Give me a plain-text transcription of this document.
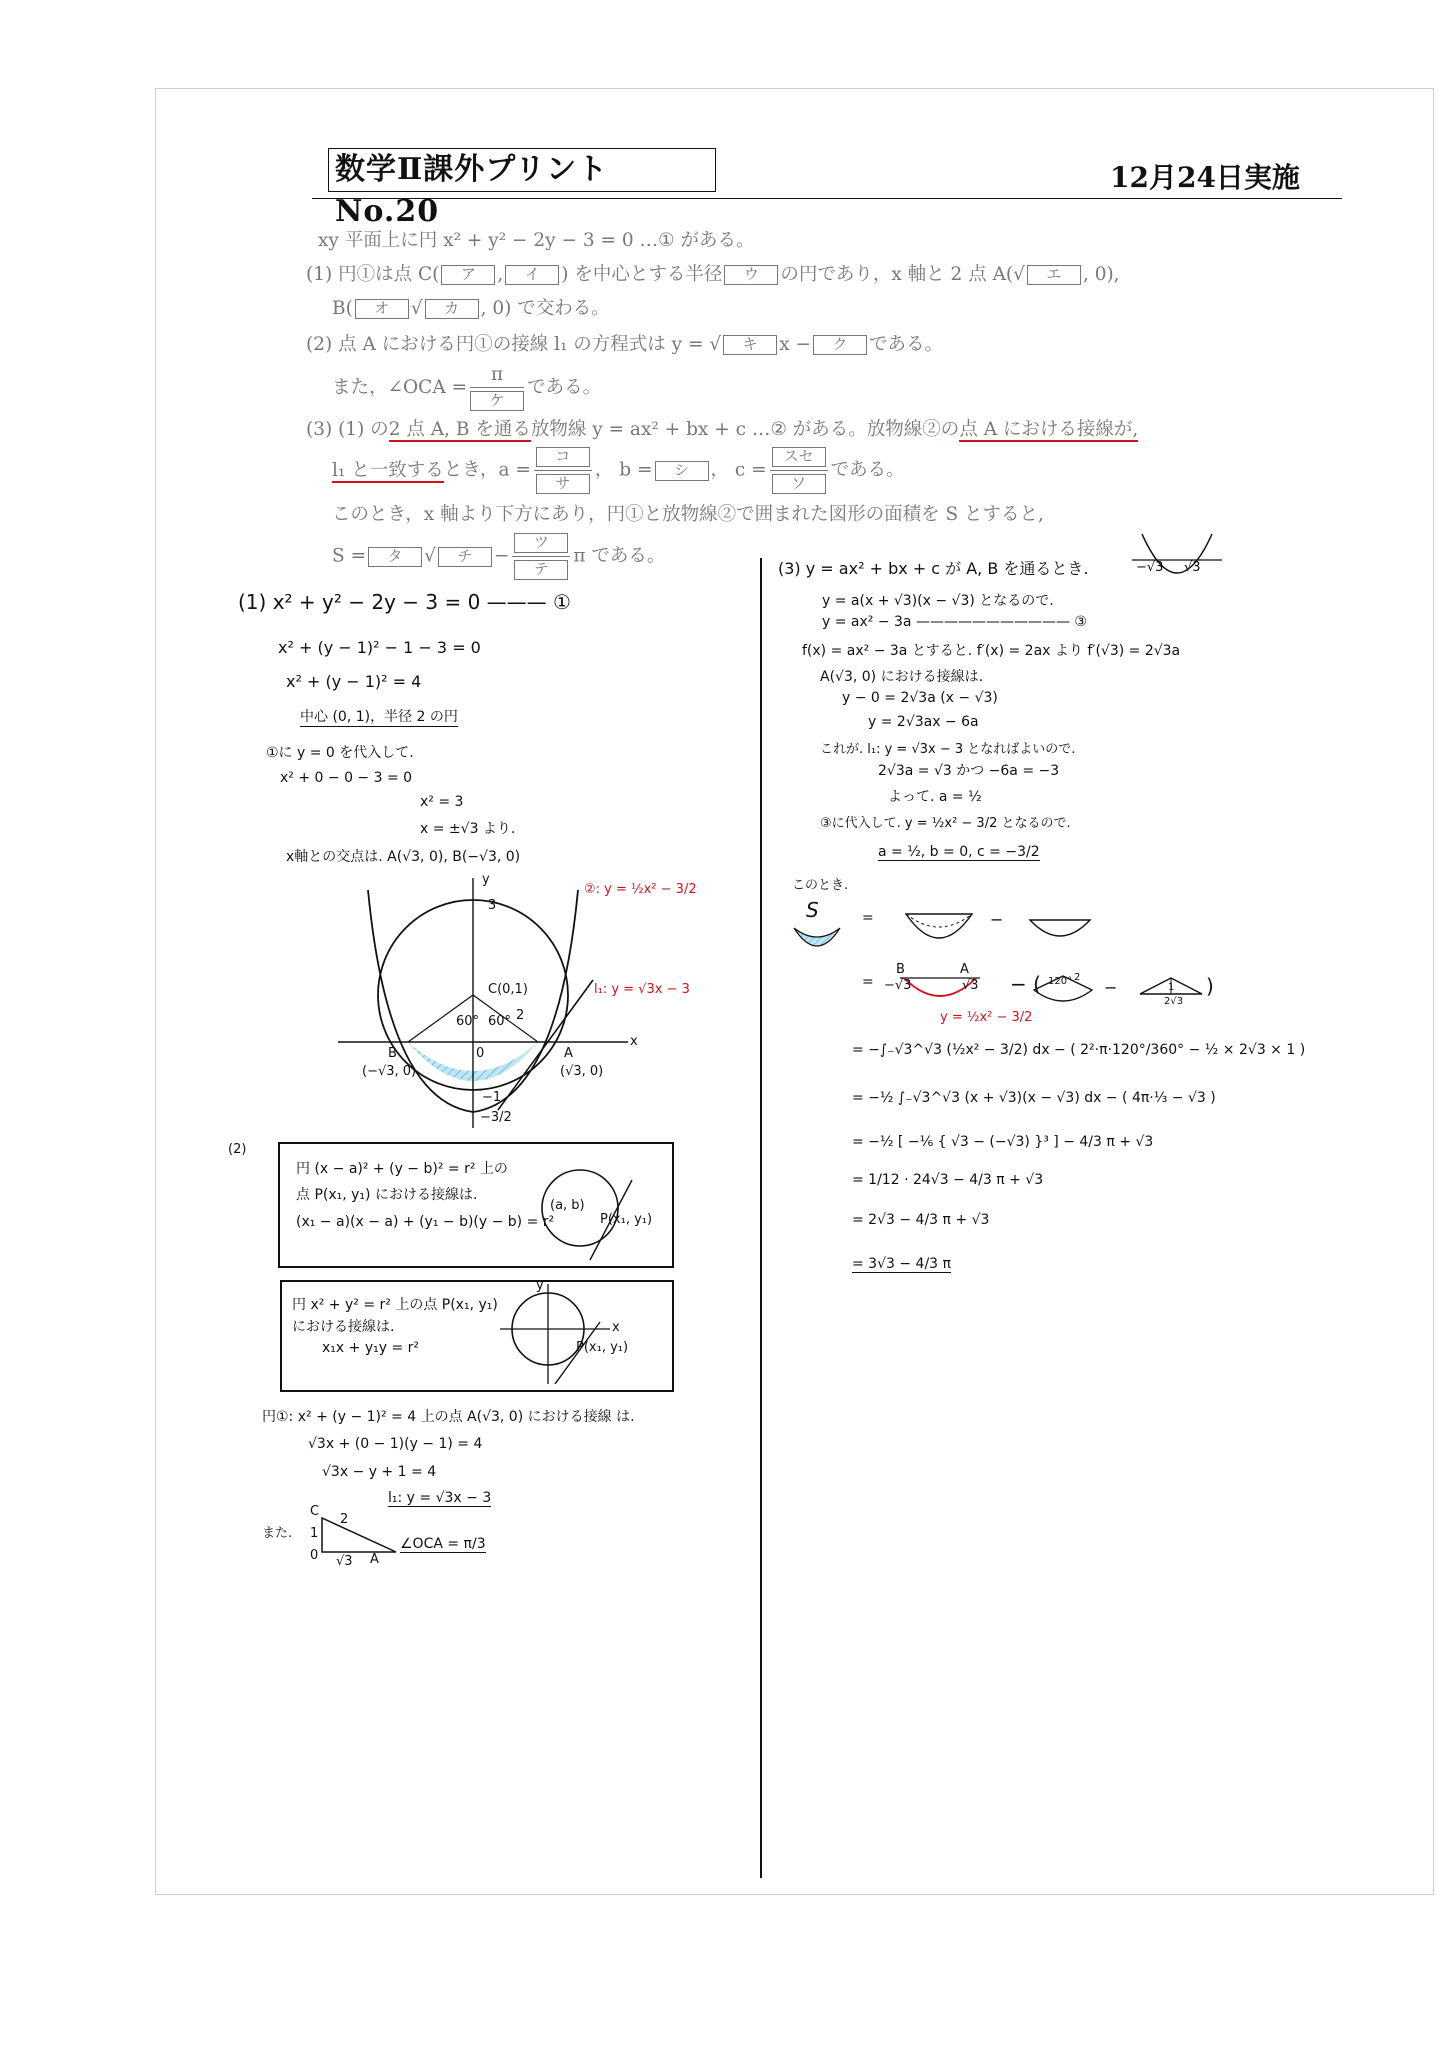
数学Ⅱ課外プリント No.20
12月24日実施
xy 平面上に円 x² + y² − 2y − 3 = 0 …① がある。
(1) 円①は点 C( ア , イ ) を中心とする半径 ウ の円であり，x 軸と 2 点 A(√ エ , 0),
B( オ √ カ , 0) で交わる。
(2) 点 A における円①の接線 l₁ の方程式は y = √ キ x − ク である。
また，∠OCA = $\frac{\pi}{\text{ケ}}$ である。
(3) (1) の2 点 A, B を通る放物線 y = ax² + bx + c …② がある。放物線②の点 A における接線が,
l₁ と一致するとき，$a = \frac{\text{コ}}{\text{サ}}$ ， b = シ ， $c = \frac{\text{スセ}}{\text{ソ}}$ である。
このとき，x 軸より下方にあり，円①と放物線②で囲まれた図形の面積を S とすると,
S = タ √ チ − $\frac{\text{ツ}}{\text{テ}}$ π である。
(1) x² + y² − 2y − 3 = 0 ——— ①
x² + (y − 1)² − 1 − 3 = 0
x² + (y − 1)² = 4
中心 (0, 1)，半径 2 の円
①に y = 0 を代入して.
x² + 0 − 0 − 3 = 0
x² = 3
x = ±√3 より.
x軸との交点は. A(√3, 0), B(−√3, 0)
y
x
3
C(0,1)
2
60° 60°
0
B
(−√3, 0)
A
(√3, 0)
−1
−3/2
②: y = ½x² − 3/2
l₁: y = √3x − 3
(2)
円 (x − a)² + (y − b)² = r² 上の
点 P(x₁, y₁) における接線は.
(x₁ − a)(x − a) + (y₁ − b)(y − b) = r²
(a, b)
P(x₁, y₁)
円 x² + y² = r² 上の点 P(x₁, y₁)
における接線は.
x₁x + y₁y = r²
x
y
P(x₁, y₁)
円①: x² + (y − 1)² = 4 上の点 A(√3, 0) における接線 は.
√3x + (0 − 1)(y − 1) = 4
√3x − y + 1 = 4
l₁: y = √3x − 3
また.
C
1
2
0 √3 A
∠OCA = π/3
(3) y = ax² + bx + c が A, B を通るとき.	−√3 √3
y = a(x + √3)(x − √3) となるので.
y = ax² − 3a ——————————— ③
f(x) = ax² − 3a とすると. f′(x) = 2ax より f′(√3) = 2√3a
A(√3, 0) における接線は.
y − 0 = 2√3a (x − √3)
y = 2√3ax − 6a
これが. l₁: y = √3x − 3 となればよいので.
2√3a = √3 かつ −6a = −3
よって. a = ½
③に代入して. y = ½x² − 3/2 となるので.
a = ½, b = 0, c = −3/2
このとき.
S	=	−
=
B
−√3
A
√3
y = ½x² − 3/2
− ( 120° 2
−	1
2√3
)
= −∫₋√3^√3 (½x² − 3/2) dx − ( 2²·π·120°/360° − ½ × 2√3 × 1 )
= −½ ∫₋√3^√3 (x + √3)(x − √3) dx − ( 4π·⅓ − √3 )
= −½ [ −⅙ { √3 − (−√3) }³ ] − 4/3 π + √3
= 1/12 · 24√3 − 4/3 π + √3
= 2√3 − 4/3 π + √3
= 3√3 − 4/3 π
